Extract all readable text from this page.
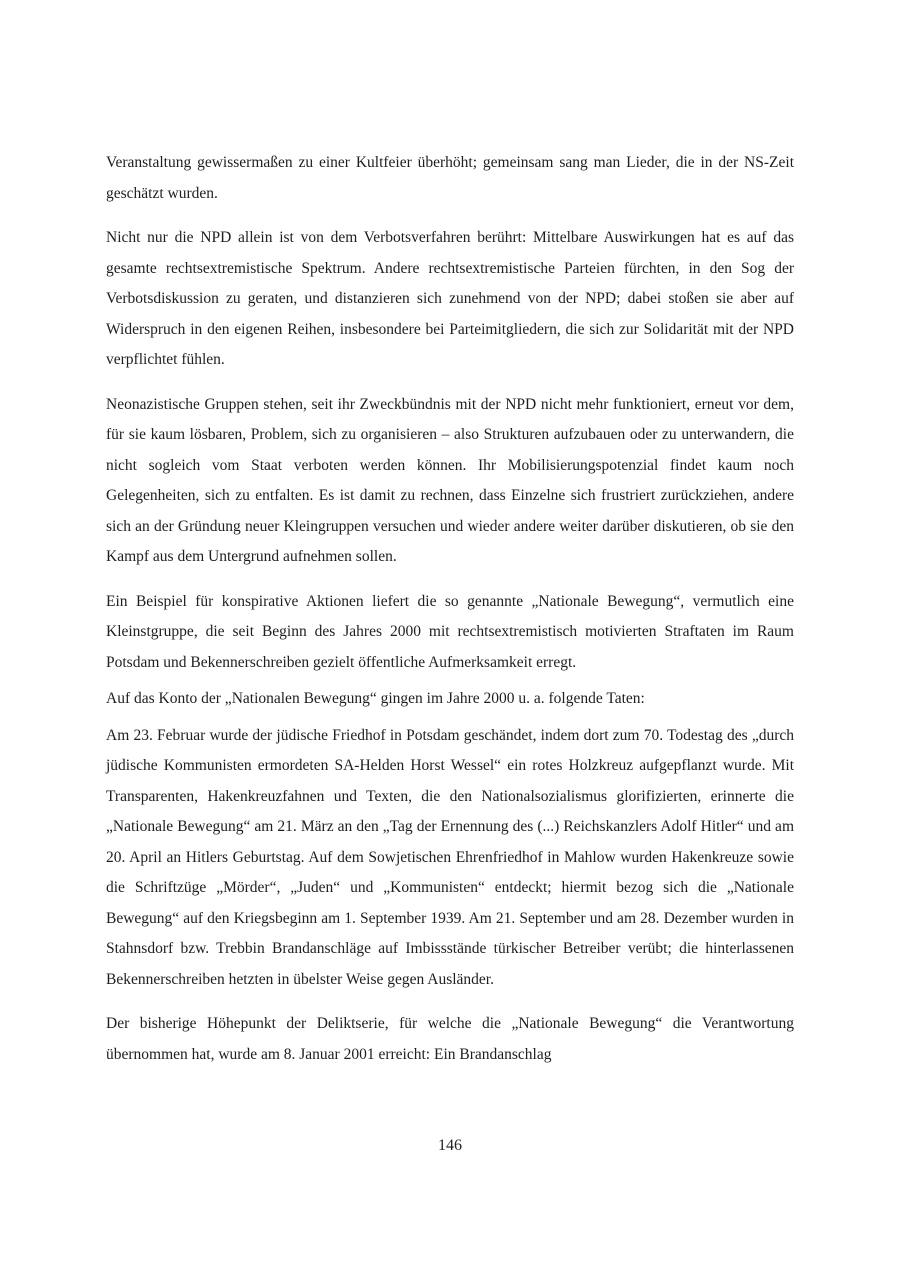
Veranstaltung gewissermaßen zu einer Kultfeier überhöht; gemeinsam sang man Lieder, die in der NS-Zeit geschätzt wurden.

Nicht nur die NPD allein ist von dem Verbotsverfahren berührt: Mittelbare Auswirkungen hat es auf das gesamte rechtsextremistische Spektrum. Andere rechtsextremistische Parteien fürchten, in den Sog der Verbotsdiskussion zu geraten, und distanzieren sich zunehmend von der NPD; dabei stoßen sie aber auf Widerspruch in den eigenen Reihen, insbesondere bei Parteimitgliedern, die sich zur Solidarität mit der NPD verpflichtet fühlen.

Neonazistische Gruppen stehen, seit ihr Zweckbündnis mit der NPD nicht mehr funktioniert, erneut vor dem, für sie kaum lösbaren, Problem, sich zu organisieren – also Strukturen aufzubauen oder zu unterwandern, die nicht sogleich vom Staat verboten werden können. Ihr Mobilisierungspotenzial findet kaum noch Gelegenheiten, sich zu entfalten. Es ist damit zu rechnen, dass Einzelne sich frustriert zurückziehen, andere sich an der Gründung neuer Kleingruppen versuchen und wieder andere weiter darüber diskutieren, ob sie den Kampf aus dem Untergrund aufnehmen sollen.

Ein Beispiel für konspirative Aktionen liefert die so genannte „Nationale Bewegung“, vermutlich eine Kleinstgruppe, die seit Beginn des Jahres 2000 mit rechtsextremistisch motivierten Straftaten im Raum Potsdam und Bekennerschreiben gezielt öffentliche Aufmerksamkeit erregt.

Auf das Konto der „Nationalen Bewegung“ gingen im Jahre 2000 u. a. folgende Taten:

Am 23. Februar wurde der jüdische Friedhof in Potsdam geschändet, indem dort zum 70. Todestag des „durch jüdische Kommunisten ermordeten SA-Helden Horst Wessel“ ein rotes Holzkreuz aufgepflanzt wurde. Mit Transparenten, Hakenkreuzfahnen und Texten, die den Nationalsozialismus glorifizierten, erinnerte die „Nationale Bewegung“ am 21. März an den „Tag der Ernennung des (...) Reichskanzlers Adolf Hitler“ und am 20. April an Hitlers Geburtstag. Auf dem Sowjetischen Ehrenfriedhof in Mahlow wurden Hakenkreuze sowie die Schriftzüge „Mörder“, „Juden“ und „Kommunisten“ entdeckt; hiermit bezog sich die „Nationale Bewegung“ auf den Kriegsbeginn am 1. September 1939. Am 21. September und am 28. Dezember wurden in Stahnsdorf bzw. Trebbin Brandanschläge auf Imbissstände türkischer Betreiber verübt; die hinterlassenen Bekennerschreiben hetzten in übelster Weise gegen Ausländer.

Der bisherige Höhepunkt der Deliktserie, für welche die „Nationale Bewegung“ die Verantwortung übernommen hat, wurde am 8. Januar 2001 erreicht: Ein Brandanschlag

146
